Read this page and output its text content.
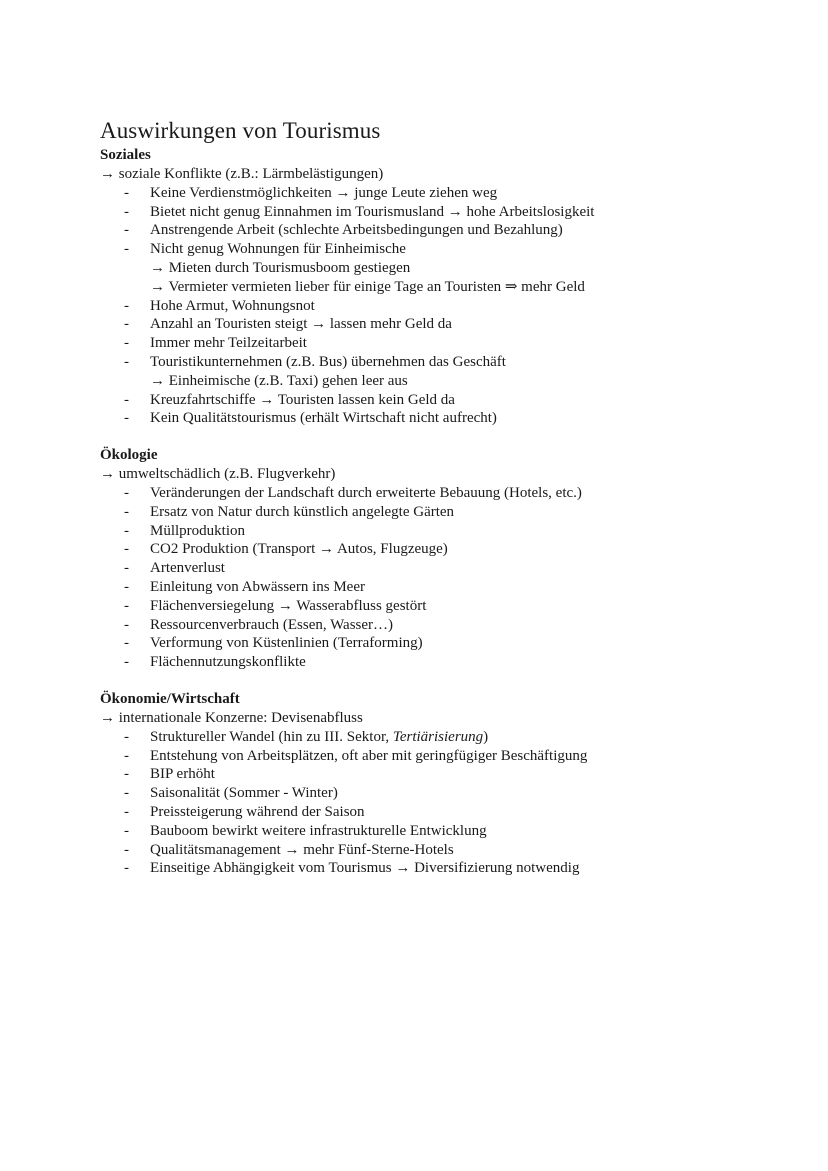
Auswirkungen von Tourismus
Soziales
→ soziale Konflikte (z.B.: Lärmbelästigungen)
- Keine Verdienstmöglichkeiten → junge Leute ziehen weg
- Bietet nicht genug Einnahmen im Tourismusland → hohe Arbeitslosigkeit
- Anstrengende Arbeit (schlechte Arbeitsbedingungen und Bezahlung)
- Nicht genug Wohnungen für Einheimische
→ Mieten durch Tourismusboom gestiegen
→ Vermieter vermieten lieber für einige Tage an Touristen ⇒ mehr Geld
- Hohe Armut, Wohnungsnot
- Anzahl an Touristen steigt → lassen mehr Geld da
- Immer mehr Teilzeitarbeit
- Touristikunternehmen (z.B. Bus) übernehmen das Geschäft
→ Einheimische (z.B. Taxi) gehen leer aus
- Kreuzfahrtschiffe → Touristen lassen kein Geld da
- Kein Qualitätstourismus (erhält Wirtschaft nicht aufrecht)
Ökologie
→ umweltschädlich (z.B. Flugverkehr)
- Veränderungen der Landschaft durch erweiterte Bebauung (Hotels, etc.)
- Ersatz von Natur durch künstlich angelegte Gärten
- Müllproduktion
- CO2 Produktion (Transport → Autos, Flugzeuge)
- Artenverlust
- Einleitung von Abwässern ins Meer
- Flächenversiegelung → Wasserabfluss gestört
- Ressourcenverbrauch (Essen, Wasser…)
- Verformung von Küstenlinien (Terraforming)
- Flächennutzungskonflikte
Ökonomie/Wirtschaft
→ internationale Konzerne: Devisenabfluss
- Struktureller Wandel (hin zu III. Sektor, Tertiärisierung)
- Entstehung von Arbeitsplätzen, oft aber mit geringfügiger Beschäftigung
- BIP erhöht
- Saisonalität (Sommer - Winter)
- Preissteigerung während der Saison
- Bauboom bewirkt weitere infrastrukturelle Entwicklung
- Qualitätsmanagement → mehr Fünf-Sterne-Hotels
- Einseitige Abhängigkeit vom Tourismus → Diversifizierung notwendig
